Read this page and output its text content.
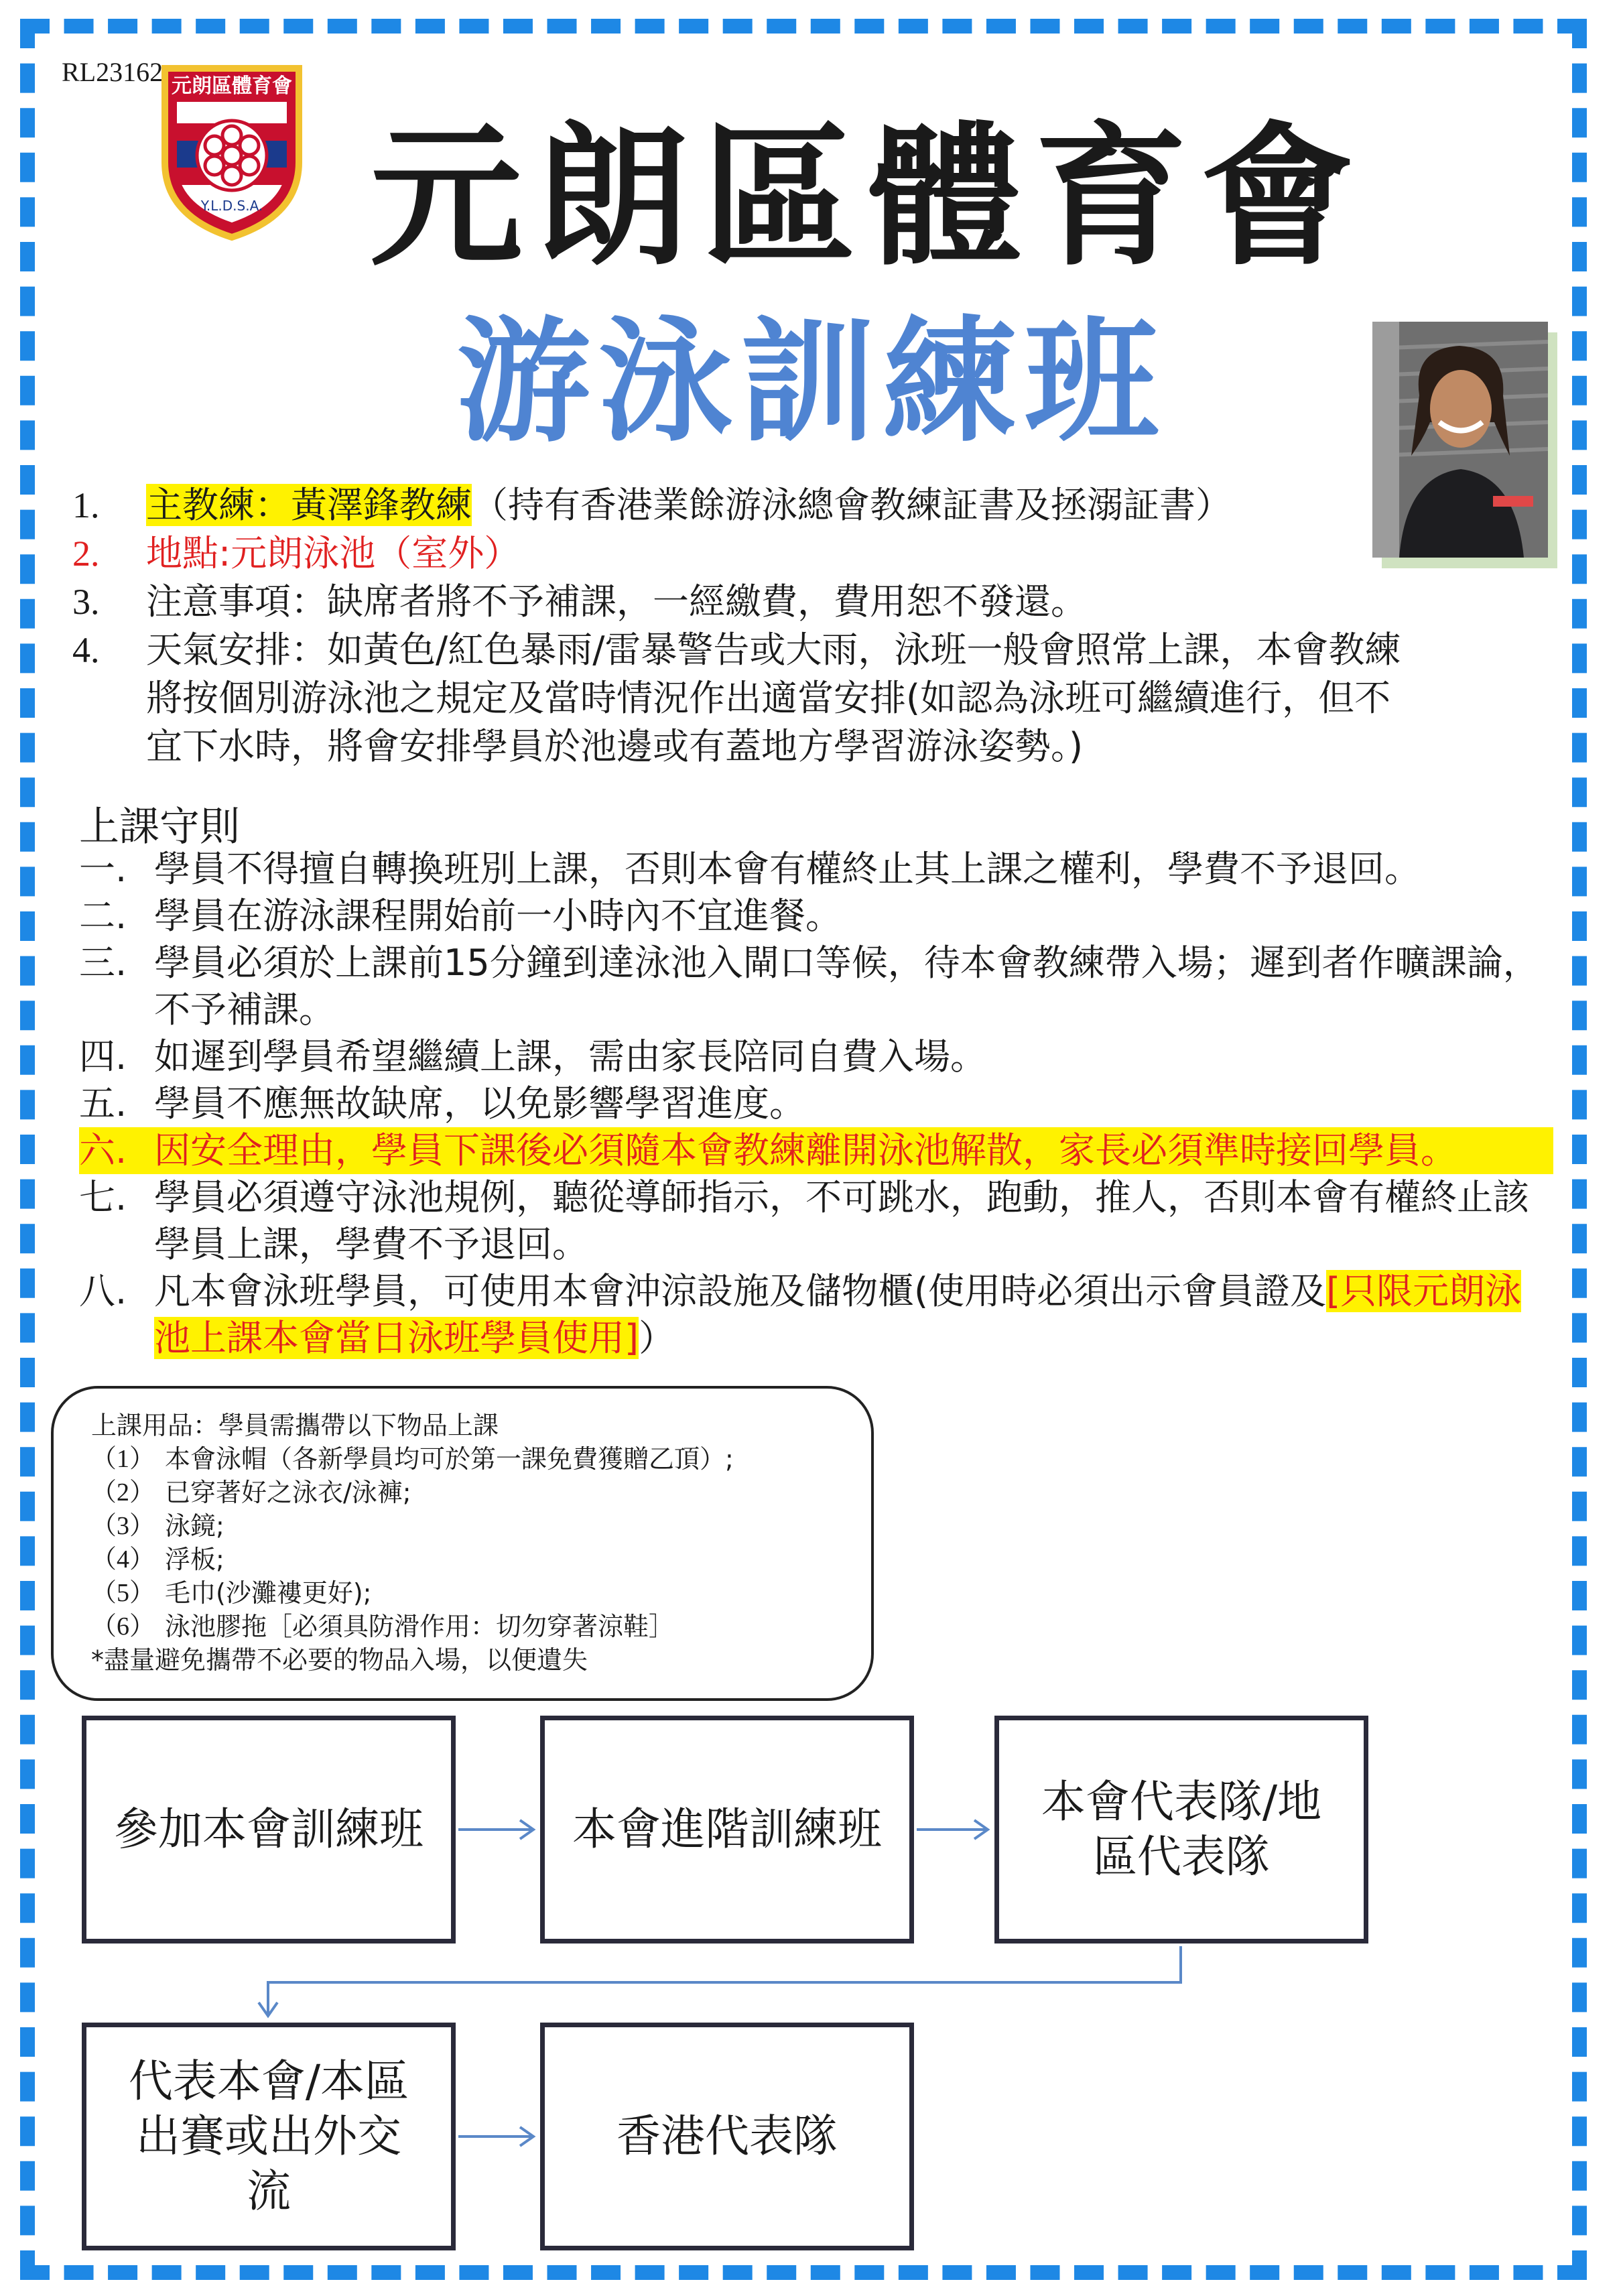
RL23162 元朗區體育會
Y.L.D.S.A. 元朗區體育會
游泳訓練班
1.	主教練：黃澤鋒教練（持有香港業餘游泳總會教練証書及拯溺証書）
2.	地點:元朗泳池（室外）
3.	注意事項：缺席者將不予補課，一經繳費，費用恕不發還。
4.	天氣安排：如黃色/紅色暴雨/雷暴警告或大雨，泳班一般會照常上課，本會教練將按個別游泳池之規定及當時情況作出適當安排(如認為泳班可繼續進行，但不宜下水時，將會安排學員於池邊或有蓋地方學習游泳姿勢。)
上課守則
一. 學員不得擅自轉換班別上課，否則本會有權終止其上課之權利，學費不予退回。
二. 學員在游泳課程開始前一小時內不宜進餐。
三. 學員必須於上課前15分鐘到達泳池入閘口等候，待本會教練帶入場；遲到者作曠課論，不予補課。
四. 如遲到學員希望繼續上課，需由家長陪同自費入場。
五. 學員不應無故缺席，以免影響學習進度。
六. 因安全理由，學員下課後必須隨本會教練離開泳池解散，家長必須準時接回學員。
七. 學員必須遵守泳池規例，聽從導師指示，不可跳水，跑動，推人，否則本會有權終止該學員上課，學費不予退回。
八. 凡本會泳班學員，可使用本會沖涼設施及儲物櫃(使用時必須出示會員證及[只限元朗泳池上課本會當日泳班學員使用]）
上課用品：學員需攜帶以下物品上課
（1） 本會泳帽（各新學員均可於第一課免費獲贈乙頂）;
（2） 已穿著好之泳衣/泳褲;
（3） 泳鏡;
（4） 浮板;
（5） 毛巾(沙灘褸更好);
（6） 泳池膠拖［必須具防滑作用：切勿穿著涼鞋］
*盡量避免攜帶不必要的物品入場，以便遺失
參加本會訓練班	本會進階訓練班
本會代表隊/地區代表隊
代表本會/本區出賽或出外交流
香港代表隊
